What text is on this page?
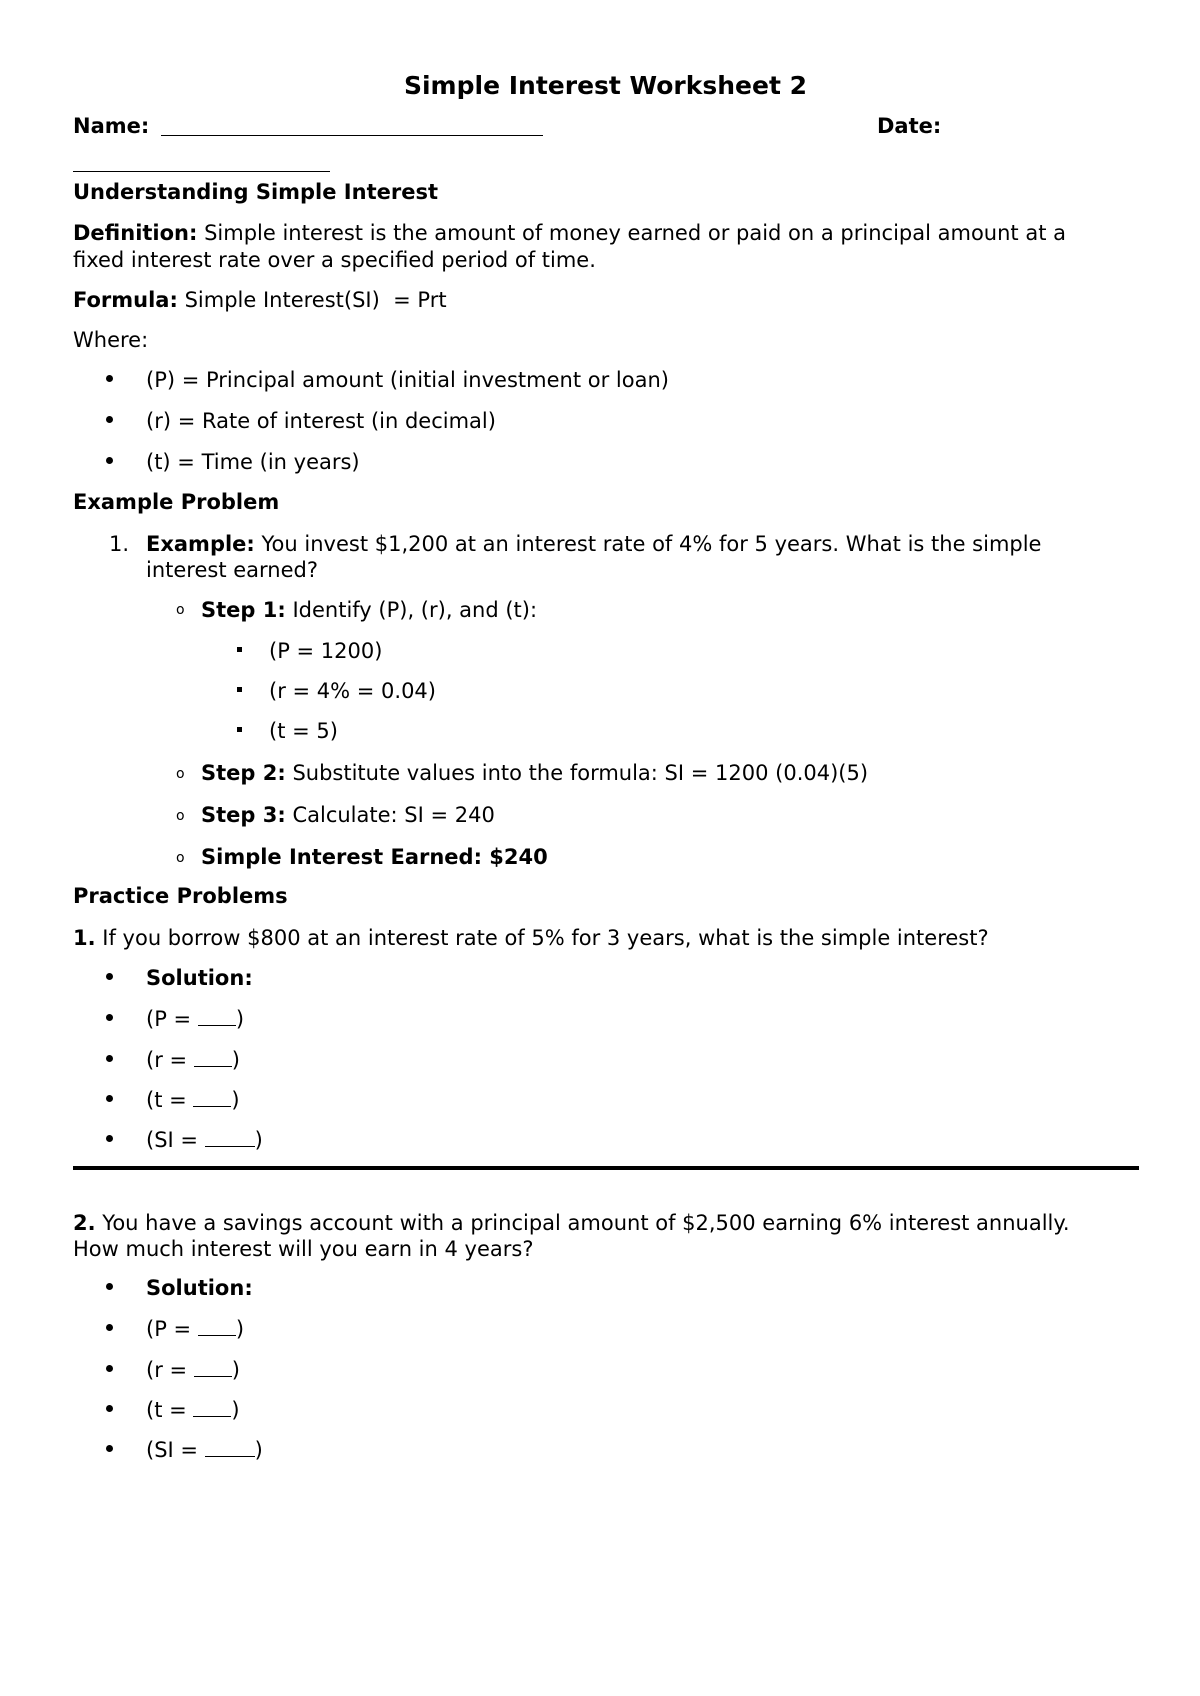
Simple Interest Worksheet 2
Name:	Date:
Understanding Simple Interest
Definition: Simple interest is the amount of money earned or paid on a principal amount at a
fixed interest rate over a specified period of time.
Formula: Simple Interest(SI)  = Prt
Where:
(P) = Principal amount (initial investment or loan)
(r) = Rate of interest (in decimal)
(t) = Time (in years)
Example Problem
1. Example: You invest $1,200 at an interest rate of 4% for 5 years. What is the simple
interest earned?
o Step 1: Identify (P), (r), and (t):
(P = 1200)
(r = 4% = 0.04)
(t = 5)
o Step 2: Substitute values into the formula: SI = 1200 (0.04)(5)
o Step 3: Calculate: SI = 240
o Simple Interest Earned: $240
Practice Problems
1. If you borrow $800 at an interest rate of 5% for 3 years, what is the simple interest?
Solution:
(P = )
(r = )
(t = )
(SI = )
2. You have a savings account with a principal amount of $2,500 earning 6% interest annually.
How much interest will you earn in 4 years?
Solution:
(P = )
(r = )
(t = )
(SI = )
